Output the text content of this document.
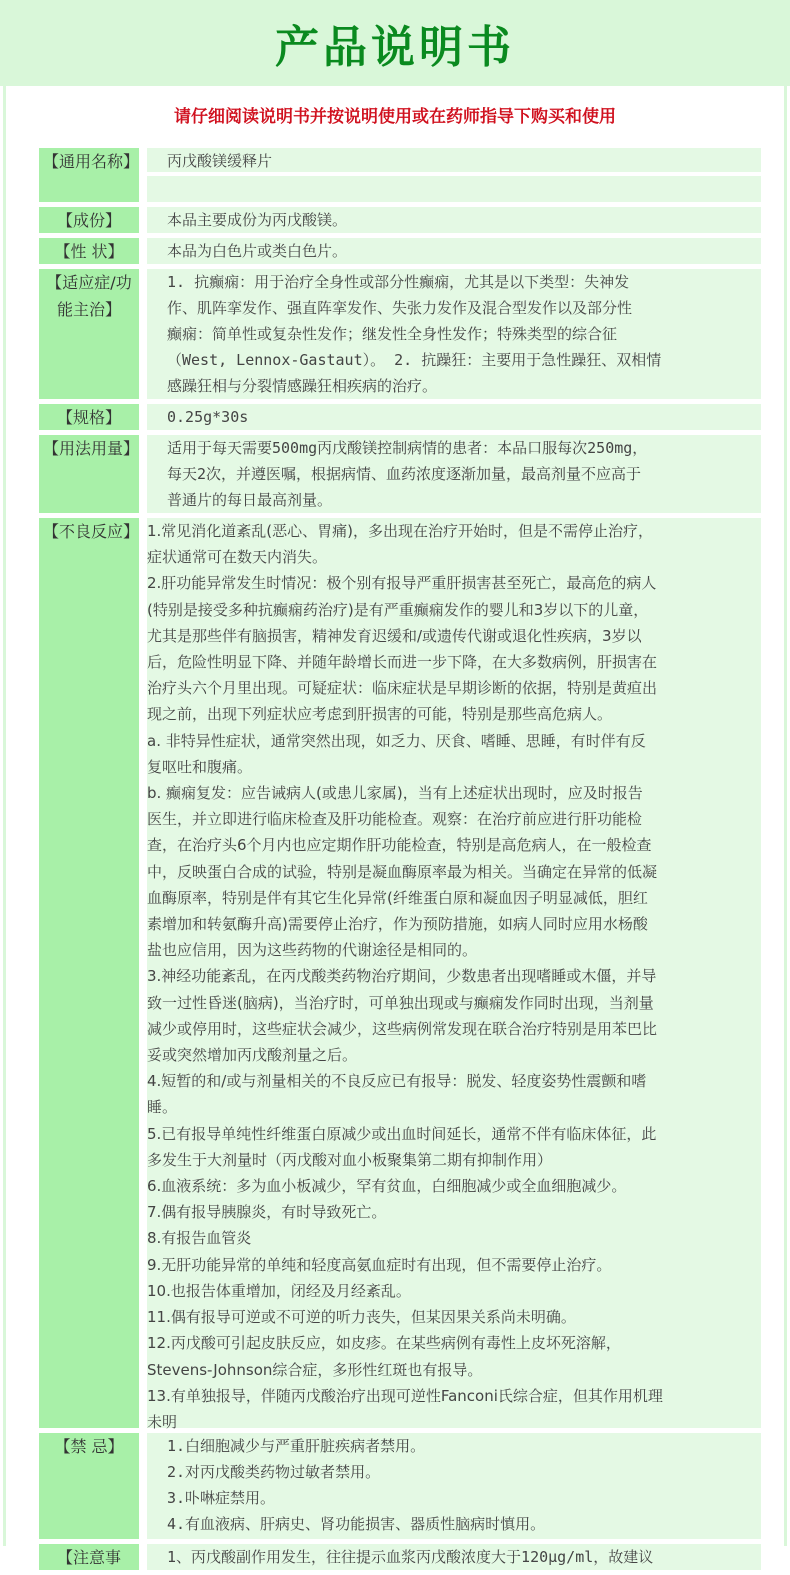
产品说明书
请仔细阅读说明书并按说明使用或在药师指导下购买和使用
【通用名称】	丙戊酸镁缓释片
【成份】	本品主要成份为丙戊酸镁。
【性 状】	本品为白色片或类白色片。
【适应症/功能主治】
1. 抗癫痫：用于治疗全身性或部分性癫痫，尤其是以下类型：失神发
作、肌阵挛发作、强直阵挛发作、失张力发作及混合型发作以及部分性
癫痫：简单性或复杂性发作；继发性全身性发作；特殊类型的综合征
（West, Lennox-Gastaut）。 2. 抗躁狂：主要用于急性躁狂、双相情
感躁狂相与分裂情感躁狂相疾病的治疗。
【规格】	0.25g*30s
【用法用量】	适用于每天需要500mg丙戊酸镁控制病情的患者：本品口服每次250mg，
每天2次，并遵医嘱，根据病情、血药浓度逐渐加量，最高剂量不应高于
普通片的每日最高剂量。
【不良反应】 1.常见消化道紊乱(恶心、胃痛)，多出现在治疗开始时，但是不需停止治疗，
症状通常可在数天内消失。
2.肝功能异常发生时情况：极个别有报导严重肝损害甚至死亡，最高危的病人
(特别是接受多种抗癫痫药治疗)是有严重癫痫发作的婴儿和3岁以下的儿童，
尤其是那些伴有脑损害，精神发育迟缓和/或遗传代谢或退化性疾病，3岁以
后，危险性明显下降、并随年龄增长而进一步下降，在大多数病例，肝损害在
治疗头六个月里出现。可疑症状：临床症状是早期诊断的依据，特别是黄疸出
现之前，出现下列症状应考虑到肝损害的可能，特别是那些高危病人。
a. 非特异性症状，通常突然出现，如乏力、厌食、嗜睡、思睡，有时伴有反
复呕吐和腹痛。
b. 癫痫复发：应告诫病人(或患儿家属)，当有上述症状出现时，应及时报告
医生，并立即进行临床检查及肝功能检查。观察：在治疗前应进行肝功能检
查，在治疗头6个月内也应定期作肝功能检查，特别是高危病人，在一般检查
中，反映蛋白合成的试验，特别是凝血酶原率最为相关。当确定在异常的低凝
血酶原率，特别是伴有其它生化异常(纤维蛋白原和凝血因子明显减低，胆红
素增加和转氨酶升高)需要停止治疗，作为预防措施，如病人同时应用水杨酸
盐也应信用，因为这些药物的代谢途径是相同的。
3.神经功能紊乱，在丙戊酸类药物治疗期间，少数患者出现嗜睡或木僵，并导
致一过性昏迷(脑病)，当治疗时，可单独出现或与癫痫发作同时出现，当剂量
减少或停用时，这些症状会减少，这些病例常发现在联合治疗特别是用苯巴比
妥或突然增加丙戊酸剂量之后。
4.短暂的和/或与剂量相关的不良反应已有报导：脱发、轻度姿势性震颤和嗜
睡。
5.已有报导单纯性纤维蛋白原减少或出血时间延长，通常不伴有临床体征，此
多发生于大剂量时（丙戊酸对血小板聚集第二期有抑制作用）
6.血液系统：多为血小板减少，罕有贫血，白细胞减少或全血细胞减少。
7.偶有报导胰腺炎，有时导致死亡。
8.有报告血管炎
9.无肝功能异常的单纯和轻度高氨血症时有出现，但不需要停止治疗。
10.也报告体重增加，闭经及月经紊乱。
11.偶有报导可逆或不可逆的听力丧失，但某因果关系尚未明确。
12.丙戊酸可引起皮肤反应，如皮疹。在某些病例有毒性上皮坏死溶解，
Stevens-Johnson综合症，多形性红斑也有报导。
13.有单独报导，伴随丙戊酸治疗出现可逆性Fanconi氏综合症，但其作用机理
未明
【禁 忌】	1.白细胞减少与严重肝脏疾病者禁用。
2.对丙戊酸类药物过敏者禁用。
3.卟啉症禁用。
4.有血液病、肝病史、肾功能损害、器质性脑病时慎用。
【注意事	1、丙戊酸副作用发生，往往提示血浆丙戊酸浓度大于120μg/ml，故建议
